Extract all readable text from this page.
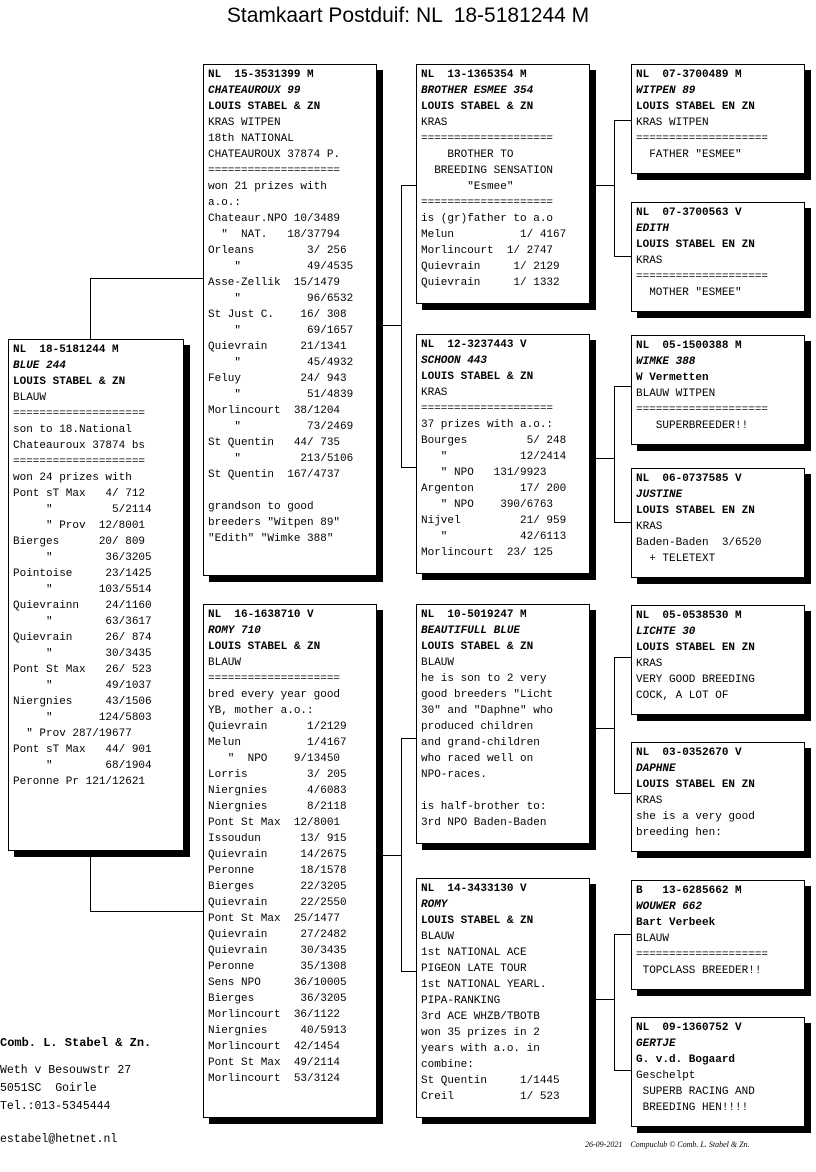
Stamkaart Postduif: NL  18-5181244 M
NL  18-5181244 M
BLUE 244
LOUIS STABEL & ZN
BLAUW
====================
son to 18.National
Chateauroux 37874 bs
====================
won 24 prizes with
Pont sT Max   4/ 712
"         5/2114
" Prov  12/8001
Bierges      20/ 809
"        36/3205
Pointoise     23/1425
"       103/5514
Quievrainn    24/1160
"        63/3617
Quievrain     26/ 874
"        30/3435
Pont St Max   26/ 523
"        49/1037
Niergnies     43/1506
"       124/5803
" Prov 287/19677
Pont sT Max   44/ 901
"        68/1904
Peronne Pr 121/12621
NL  15-3531399 M
CHATEAUROUX 99
LOUIS STABEL & ZN
KRAS WITPEN
18th NATIONAL
CHATEAUROUX 37874 P.
====================
won 21 prizes with
a.o.:
Chateaur.NPO 10/3489
"  NAT.   18/37794
Orleans        3/ 256
"          49/4535
Asse-Zellik  15/1479
"          96/6532
St Just C.    16/ 308
"          69/1657
Quievrain     21/1341
"          45/4932
Feluy         24/ 943
"          51/4839
Morlincourt  38/1204
"          73/2469
St Quentin   44/ 735
"         213/5106
St Quentin  167/4737
grandson to good
breeders "Witpen 89"
"Edith" "Wimke 388"
NL  16-1638710 V
ROMY 710
LOUIS STABEL & ZN
BLAUW
====================
bred every year good
YB, mother a.o.:
Quievrain      1/2129
Melun          1/4167
"  NPO    9/13450
Lorris         3/ 205
Niergnies      4/6083
Niergnies      8/2118
Pont St Max  12/8001
Issoudun      13/ 915
Quievrain     14/2675
Peronne       18/1578
Bierges       22/3205
Quievrain     22/2550
Pont St Max  25/1477
Quievrain     27/2482
Quievrain     30/3435
Peronne       35/1308
Sens NPO     36/10005
Bierges       36/3205
Morlincourt  36/1122
Niergnies     40/5913
Morlincourt  42/1454
Pont St Max  49/2114
Morlincourt  53/3124
NL  13-1365354 M
BROTHER ESMEE 354
LOUIS STABEL & ZN
KRAS
====================
BROTHER TO
BREEDING SENSATION
"Esmee"
====================
is (gr)father to a.o
Melun          1/ 4167
Morlincourt  1/ 2747
Quievrain     1/ 2129
Quievrain     1/ 1332
NL  12-3237443 V
SCHOON 443
LOUIS STABEL & ZN
KRAS
====================
37 prizes with a.o.:
Bourges         5/ 248
"           12/2414
" NPO   131/9923
Argenton       17/ 200
" NPO    390/6763
Nijvel         21/ 959
"           42/6113
Morlincourt  23/ 125
NL  10-5019247 M
BEAUTIFULL BLUE
LOUIS STABEL & ZN
BLAUW
he is son to 2 very
good breeders "Licht
30" and "Daphne" who
produced children
and grand-children
who raced well on
NPO-races.
is half-brother to:
3rd NPO Baden-Baden
NL  14-3433130 V
ROMY
LOUIS STABEL & ZN
BLAUW
1st NATIONAL ACE
PIGEON LATE TOUR
1st NATIONAL YEARL.
PIPA-RANKING
3rd ACE WHZB/TBOTB
won 35 prizes in 2
years with a.o. in
combine:
St Quentin     1/1445
Creil          1/ 523
NL  07-3700489 M
WITPEN 89
LOUIS STABEL EN ZN
KRAS WITPEN
====================
FATHER "ESMEE"
NL  07-3700563 V
EDITH
LOUIS STABEL EN ZN
KRAS
====================
MOTHER "ESMEE"
NL  05-1500388 M
WIMKE 388
W Vermetten
BLAUW WITPEN
====================
SUPERBREEDER!!
NL  06-0737585 V
JUSTINE
LOUIS STABEL EN ZN
KRAS
Baden-Baden  3/6520
+ TELETEXT
NL  05-0538530 M
LICHTE 30
LOUIS STABEL EN ZN
KRAS
VERY GOOD BREEDING
COCK, A LOT OF
NL  03-0352670 V
DAPHNE
LOUIS STABEL EN ZN
KRAS
she is a very good
breeding hen:
B   13-6285662 M
WOUWER 662
Bart Verbeek
BLAUW
====================
TOPCLASS BREEDER!!
NL  09-1360752 V
GERTJE
G. v.d. Bogaard
Geschelpt
SUPERB RACING AND
BREEDING HEN!!!!
Comb. L. Stabel & Zn.
Weth v Besouwstr 27
5051SC  Goirle
Tel.:013-5345444
estabel@hetnet.nl	26-09-2021 Compuclub © Comb. L. Stabel & Zn.
